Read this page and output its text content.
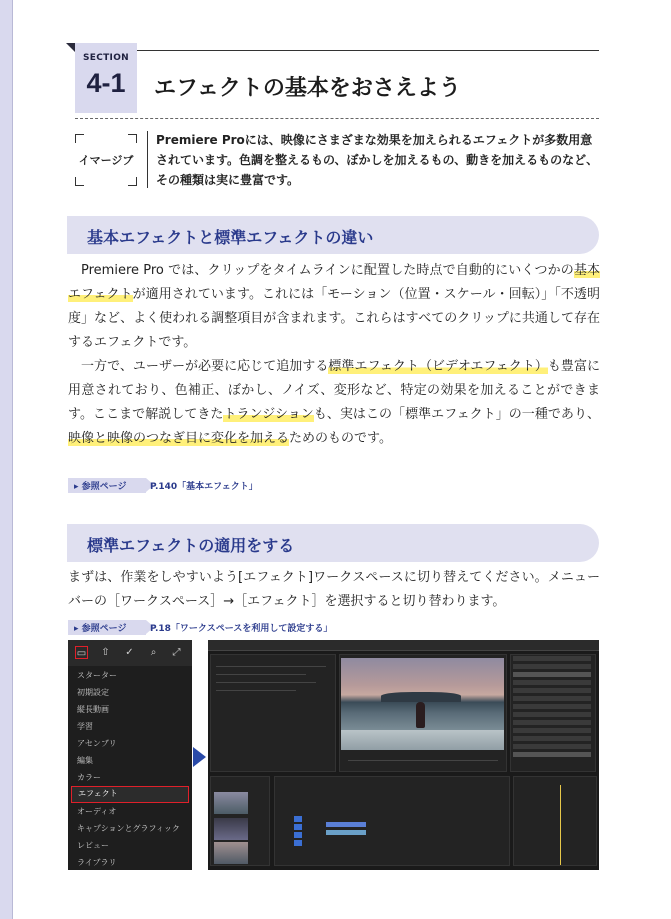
SECTION
4-1	エフェクトの基本をおさえよう
イマージブ
Premiere Proには、映像にさまざまな効果を加えられるエフェクトが多数用意されています。色調を整えるもの、ぼかしを加えるもの、動きを加えるものなど、その種類は実に豊富です。
基本エフェクトと標準エフェクトの違い

Premiere Pro では、クリップをタイムラインに配置した時点で自動的にいくつかの基本エフェクトが適用されています。これには「モーション（位置・スケール・回転）」「不透明度」など、よく使われる調整項目が含まれます。これらはすべてのクリップに共通して存在するエフェクトです。

一方で、ユーザーが必要に応じて追加する標準エフェクト（ビデオエフェクト）も豊富に用意されており、色補正、ぼかし、ノイズ、変形など、特定の効果を加えることができます。ここまで解説してきたトランジションも、実はこの「標準エフェクト」の一種であり、映像と映像のつなぎ目に変化を加えるためのものです。

▸ 参照ページ	P.140「基本エフェクト」
標準エフェクトの適用をする

まずは、作業をしやすいよう[エフェクト]ワークスペースに切り替えてください。メニューバーの［ワークスペース］→［エフェクト］を選択すると切り替わります。

▸ 参照ページ	P.18「ワークスペースを利用して設定する」
▭ ⇧ ✓	⌕	⤢
スターター
初期設定
縦長動画
学習
アセンブリ
編集
カラー
エフェクト
オーディオ
キャプションとグラフィック
レビュー
ライブラリ
